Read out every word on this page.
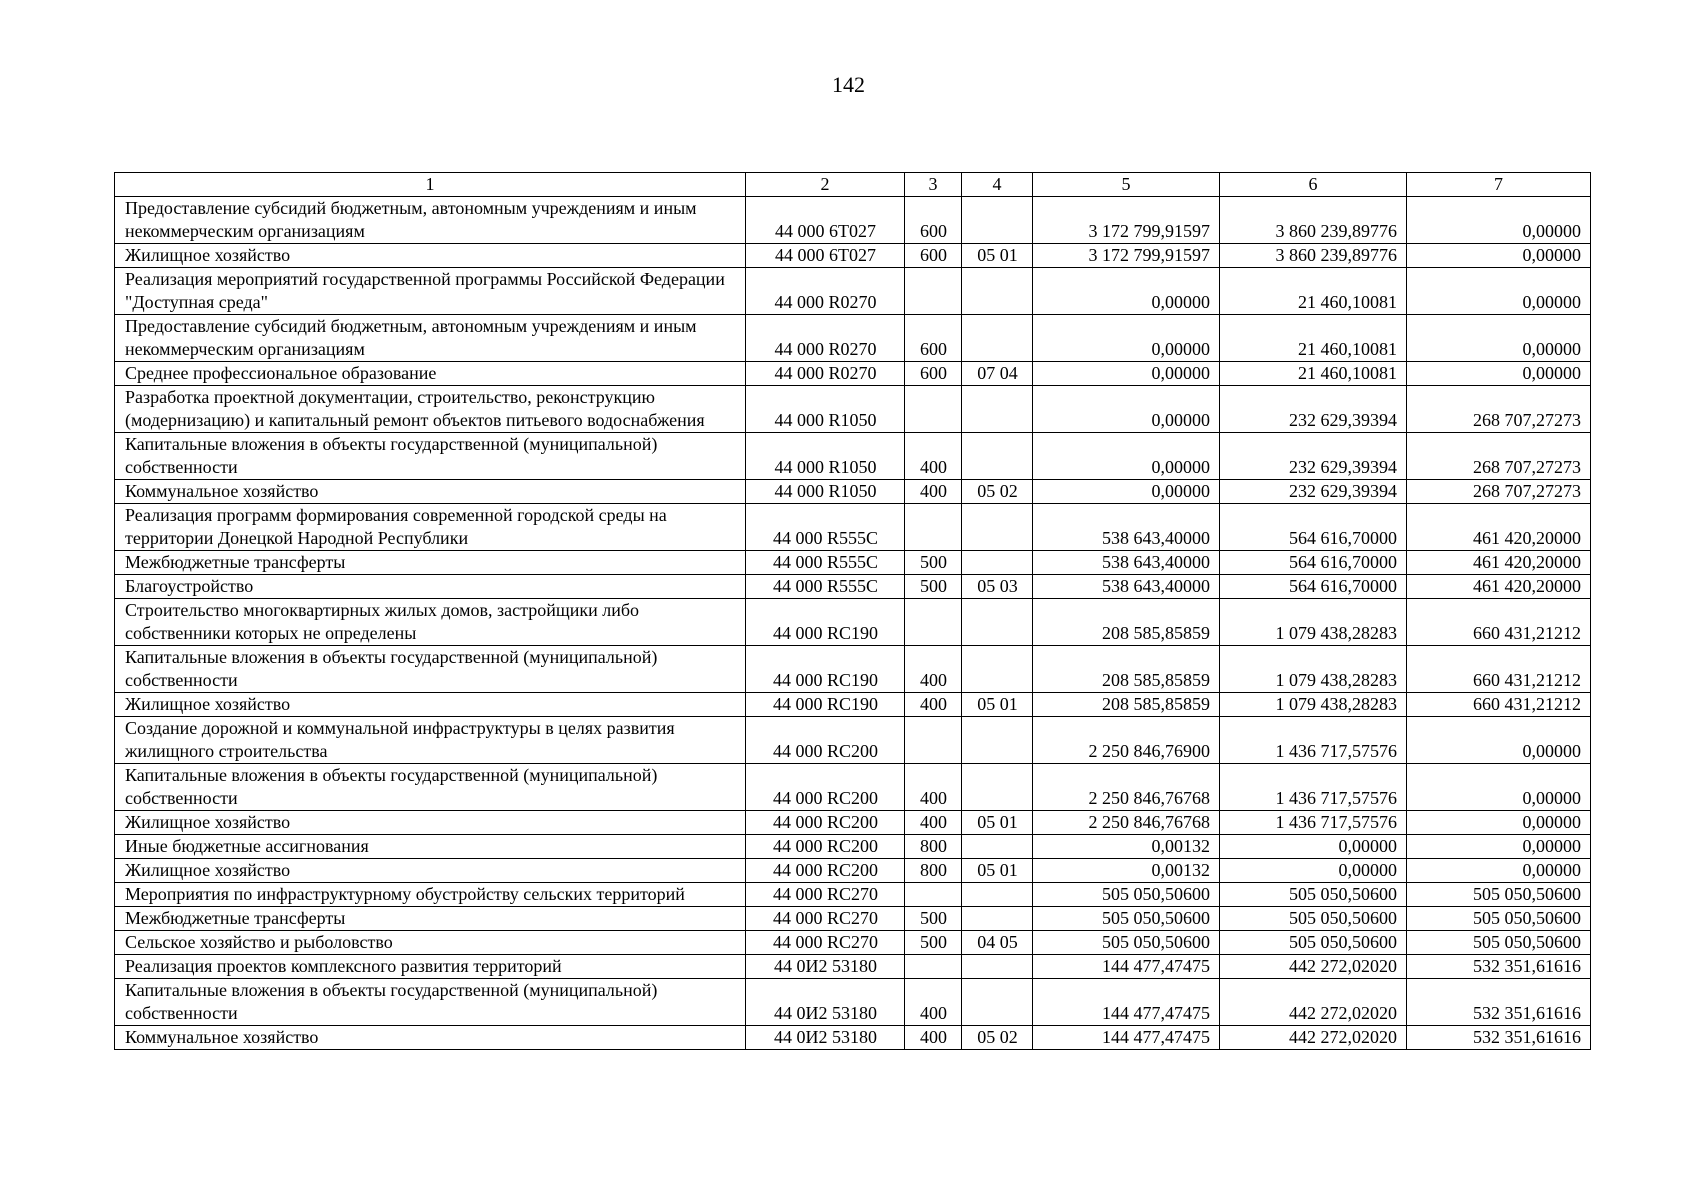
142
1	2	3	4	5	6	7
Предоставление субсидий бюджетным, автономным учреждениям и иным некоммерческим организациям	44 000 6Т027	600		3 172 799,91597	3 860 239,89776	0,00000
Жилищное хозяйство	44 000 6Т027	600	05 01	3 172 799,91597	3 860 239,89776	0,00000
Реализация мероприятий государственной программы Российской Федерации "Доступная среда"	44 000 R0270			0,00000	21 460,10081	0,00000
Предоставление субсидий бюджетным, автономным учреждениям и иным некоммерческим организациям	44 000 R0270	600		0,00000	21 460,10081	0,00000
Среднее профессиональное образование	44 000 R0270	600	07 04	0,00000	21 460,10081	0,00000
Разработка проектной документации, строительство, реконструкцию (модернизацию) и капитальный ремонт объектов питьевого водоснабжения	44 000 R1050			0,00000	232 629,39394	268 707,27273
Капитальные вложения в объекты государственной (муниципальной) собственности	44 000 R1050	400		0,00000	232 629,39394	268 707,27273
Коммунальное хозяйство	44 000 R1050	400	05 02	0,00000	232 629,39394	268 707,27273
Реализация программ формирования современной городской среды на территории Донецкой Народной Республики	44 000 R555С			538 643,40000	564 616,70000	461 420,20000
Межбюджетные трансферты	44 000 R555С	500		538 643,40000	564 616,70000	461 420,20000
Благоустройство	44 000 R555С	500	05 03	538 643,40000	564 616,70000	461 420,20000
Строительство многоквартирных жилых домов, застройщики либо собственники которых не определены	44 000 RC190			208 585,85859	1 079 438,28283	660 431,21212
Капитальные вложения в объекты государственной (муниципальной) собственности	44 000 RC190	400		208 585,85859	1 079 438,28283	660 431,21212
Жилищное хозяйство	44 000 RC190	400	05 01	208 585,85859	1 079 438,28283	660 431,21212
Создание дорожной и коммунальной инфраструктуры в целях развития жилищного строительства	44 000 RC200			2 250 846,76900	1 436 717,57576	0,00000
Капитальные вложения в объекты государственной (муниципальной) собственности	44 000 RC200	400		2 250 846,76768	1 436 717,57576	0,00000
Жилищное хозяйство	44 000 RC200	400	05 01	2 250 846,76768	1 436 717,57576	0,00000
Иные бюджетные ассигнования	44 000 RC200	800		0,00132	0,00000	0,00000
Жилищное хозяйство	44 000 RC200	800	05 01	0,00132	0,00000	0,00000
Мероприятия по инфраструктурному обустройству сельских территорий	44 000 RC270			505 050,50600	505 050,50600	505 050,50600
Межбюджетные трансферты	44 000 RC270	500		505 050,50600	505 050,50600	505 050,50600
Сельское хозяйство и рыболовство	44 000 RC270	500	04 05	505 050,50600	505 050,50600	505 050,50600
Реализация проектов комплексного развития территорий	44 0И2 53180			144 477,47475	442 272,02020	532 351,61616
Капитальные вложения в объекты государственной (муниципальной) собственности	44 0И2 53180	400		144 477,47475	442 272,02020	532 351,61616
Коммунальное хозяйство	44 0И2 53180	400	05 02	144 477,47475	442 272,02020	532 351,61616
